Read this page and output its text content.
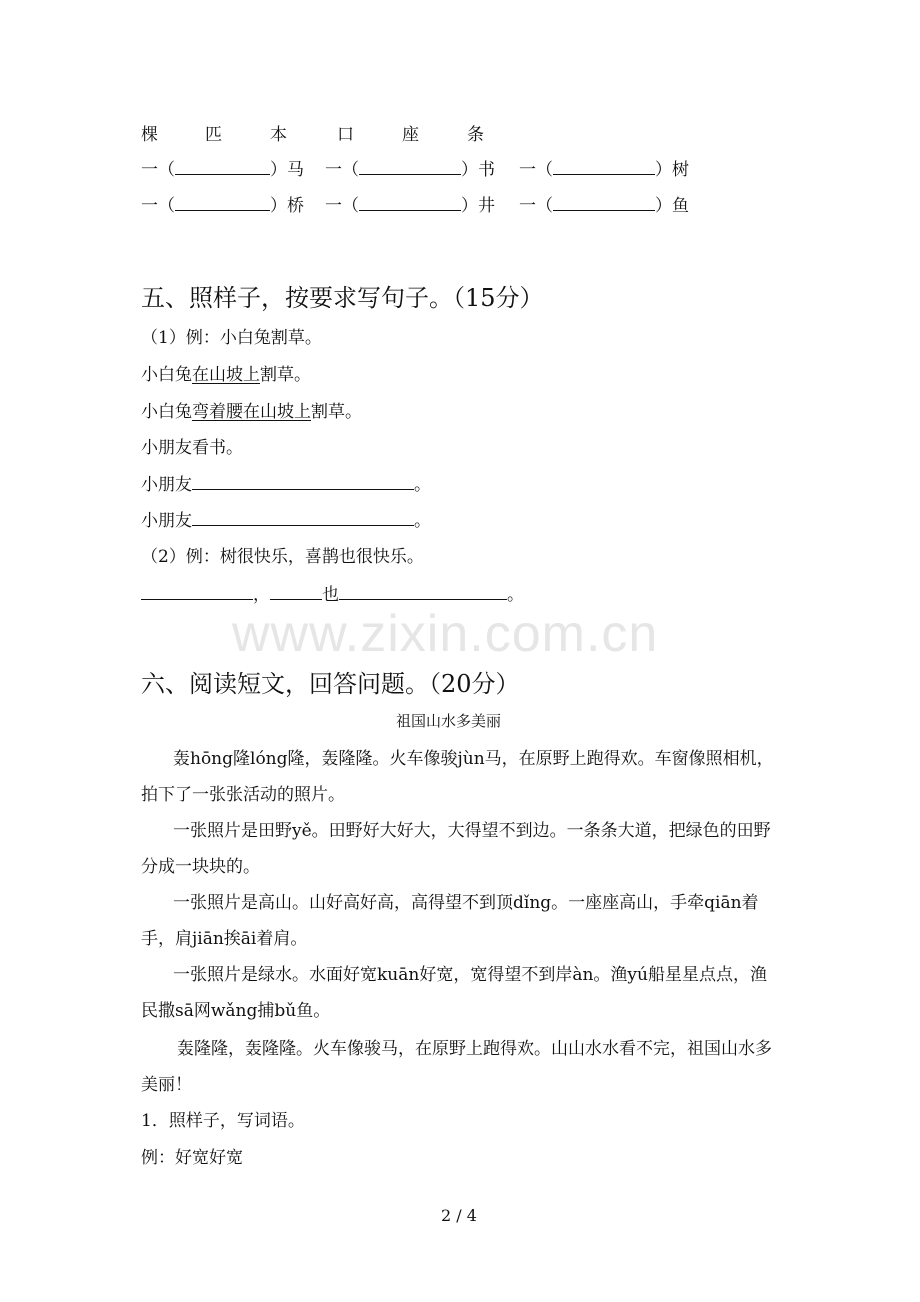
www.zixin.com.cn
棵	匹	本	口	座	条
一（	）马 一（	）书 一（	）树
一（	）桥 一（	）井 一（	）鱼
五、照样子，按要求写句子。（15分）
（1）例：小白兔割草。
小白兔在山坡上割草。
小白兔弯着腰在山坡上割草。
小朋友看书。
小朋友	。
小朋友	。
（2）例：树很快乐，喜鹊也很快乐。
，	也	。
六、阅读短文，回答问题。（20分）
祖国山水多美丽
轰hōng隆lóng隆，轰隆隆。火车像骏jùn马，在原野上跑得欢。车窗像照相机，拍下了一张张活动的照片。
一张照片是田野yě。田野好大好大，大得望不到边。一条条大道，把绿色的田野分成一块块的。
一张照片是高山。山好高好高，高得望不到顶dǐng。一座座高山，手牵qiān着手，肩jiān挨āi着肩。
一张照片是绿水。水面好宽kuān好宽，宽得望不到岸àn。渔yú船星星点点，渔民撒sā网wǎng捕bǔ鱼。
轰隆隆，轰隆隆。火车像骏马，在原野上跑得欢。山山水水看不完，祖国山水多美丽！
1．照样子，写词语。
例：好宽好宽
2 / 4
